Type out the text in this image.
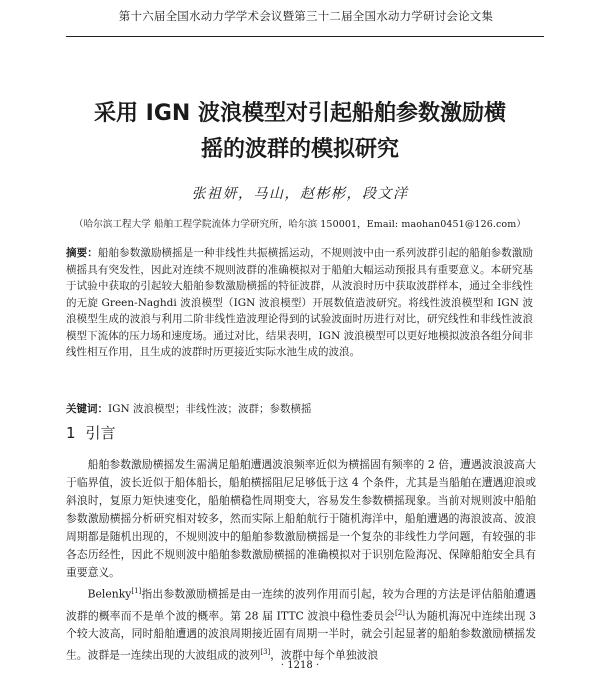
第十六届全国水动力学学术会议暨第三十二届全国水动力学研讨会论文集
采用 IGN 波浪模型对引起船舶参数激励横
摇的波群的模拟研究
张祖妍，马山，赵彬彬，段文洋
（哈尔滨工程大学 船舶工程学院流体力学研究所，哈尔滨 150001，Email: maohan0451@126.com）

摘要：船舶参数激励横摇是一种非线性共振横摇运动，不规则波中由一系列波群引起的船舶参数激励横摇具有突发性，因此对连续不规则波群的准确模拟对于船舶大幅运动预报具有重要意义。本研究基于试验中获取的引起较大船舶参数激励横摇的特征波群，从波浪时历中获取波群样本，通过全非线性的无旋 Green-Naghdi 波浪模型（IGN 波浪模型）开展数值造波研究。将线性波浪模型和 IGN 波浪模型生成的波浪与利用二阶非线性造波理论得到的试验波面时历进行对比，研究线性和非线性波浪模型下流体的压力场和速度场。通过对比，结果表明，IGN 波浪模型可以更好地模拟波浪各组分间非线性相互作用，且生成的波群时历更接近实际水池生成的波浪。

关键词：IGN 波浪模型；非线性波；波群；参数横摇
1 引言

船舶参数激励横摇发生需满足船舶遭遇波浪频率近似为横摇固有频率的 2 倍，遭遇波浪波高大于临界值，波长近似于船体船长，船舶横摇阻尼足够低于这 4 个条件，尤其是当船舶在遭遇迎浪或斜浪时，复原力矩快速变化，船舶横稳性周期变大，容易发生参数横摇现象。当前对规则波中船舶参数激励横摇分析研究相对较多，然而实际上船舶航行于随机海洋中，船舶遭遇的海浪波高、波浪周期都是随机出现的，不规则波中的船舶参数激励横摇是一个复杂的非线性力学问题，有较强的非各态历经性，因此不规则波中船舶参数激励横摇的准确模拟对于识别危险海况、保障船舶安全具有重要意义。

Belenky[1]指出参数激励横摇是由一连续的波列作用而引起，较为合理的方法是评估船舶遭遇波群的概率而不是单个波的概率。第 28 届 ITTC 波浪中稳性委员会[2]认为随机海况中连续出现 3 个较大波高，同时船舶遭遇的波浪周期接近固有周期一半时，就会引起显著的船舶参数激励横摇发生。波群是一连续出现的大波组成的波列[3]，波群中每个单独波浪

· 1218 ·
